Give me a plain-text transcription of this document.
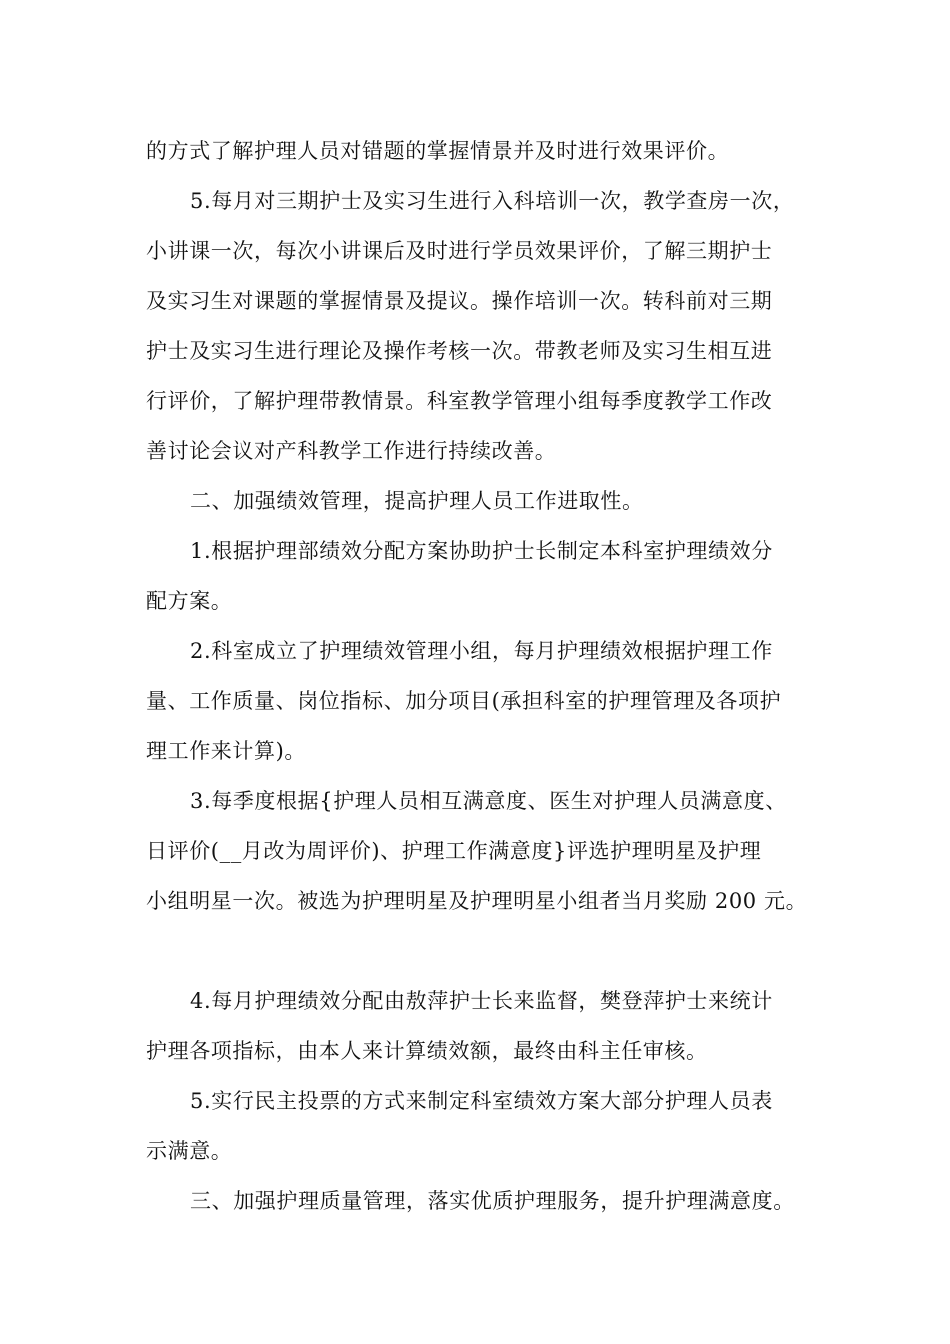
的方式了解护理人员对错题的掌握情景并及时进行效果评价。
5.每月对三期护士及实习生进行入科培训一次，教学查房一次，
小讲课一次，每次小讲课后及时进行学员效果评价，了解三期护士
及实习生对课题的掌握情景及提议。操作培训一次。转科前对三期
护士及实习生进行理论及操作考核一次。带教老师及实习生相互进
行评价，了解护理带教情景。科室教学管理小组每季度教学工作改
善讨论会议对产科教学工作进行持续改善。
二、加强绩效管理，提高护理人员工作进取性。
1.根据护理部绩效分配方案协助护士长制定本科室护理绩效分
配方案。
2.科室成立了护理绩效管理小组，每月护理绩效根据护理工作
量、工作质量、岗位指标、加分项目(承担科室的护理管理及各项护
理工作来计算)。
3.每季度根据{护理人员相互满意度、医生对护理人员满意度、
日评价(__月改为周评价)、护理工作满意度}评选护理明星及护理
小组明星一次。被选为护理明星及护理明星小组者当月奖励 200 元。
4.每月护理绩效分配由敖萍护士长来监督，樊登萍护士来统计
护理各项指标，由本人来计算绩效额，最终由科主任审核。
5.实行民主投票的方式来制定科室绩效方案大部分护理人员表
示满意。
三、加强护理质量管理，落实优质护理服务，提升护理满意度。
